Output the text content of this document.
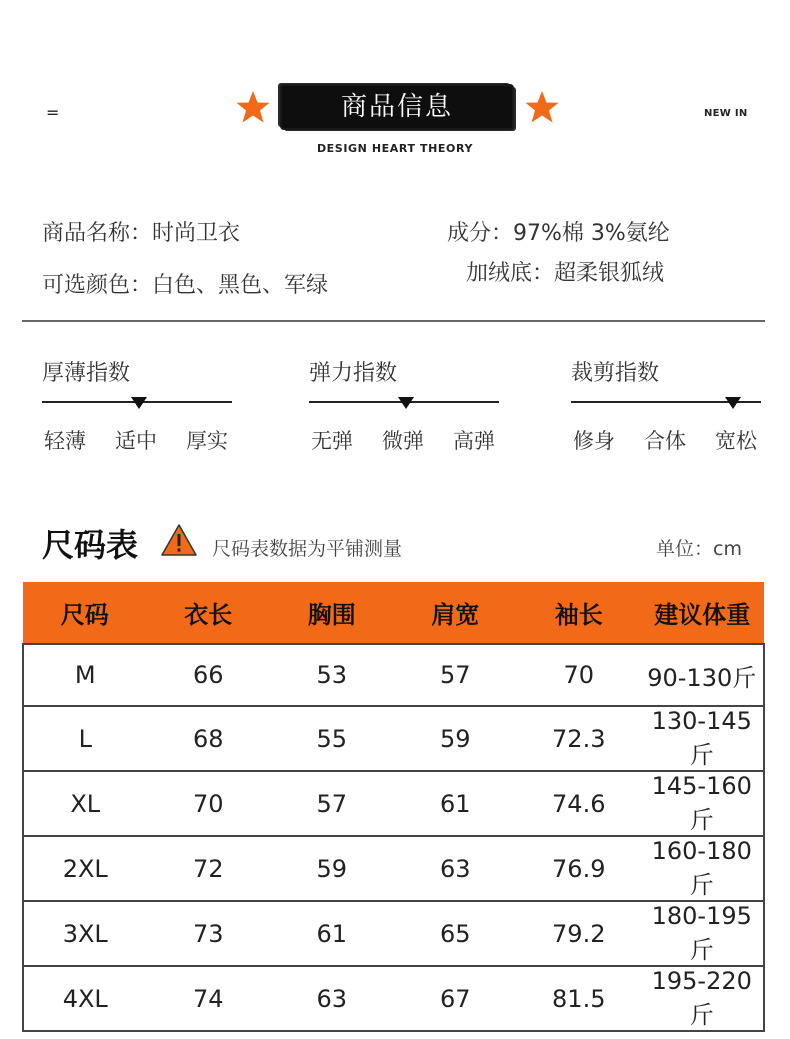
=	商品信息	NEW IN
DESIGN HEART THEORY
商品名称：时尚卫衣
可选颜色：白色、黑色、军绿
成分：97%棉 3%氨纶
加绒底：超柔银狐绒
厚薄指数
轻薄 适中 厚实
弹力指数
无弹 微弹 高弹
裁剪指数
修身 合体 宽松
尺码表	尺码表数据为平铺测量	单位：cm
尺码	衣长	胸围	肩宽	袖长	建议体重
M	66	53	57	70	90-130斤
L	68	55	59	72.3	130-145斤
XL	70	57	61	74.6	145-160斤
2XL	72	59	63	76.9	160-180斤
3XL	73	61	65	79.2	180-195斤
4XL	74	63	67	81.5	195-220斤
